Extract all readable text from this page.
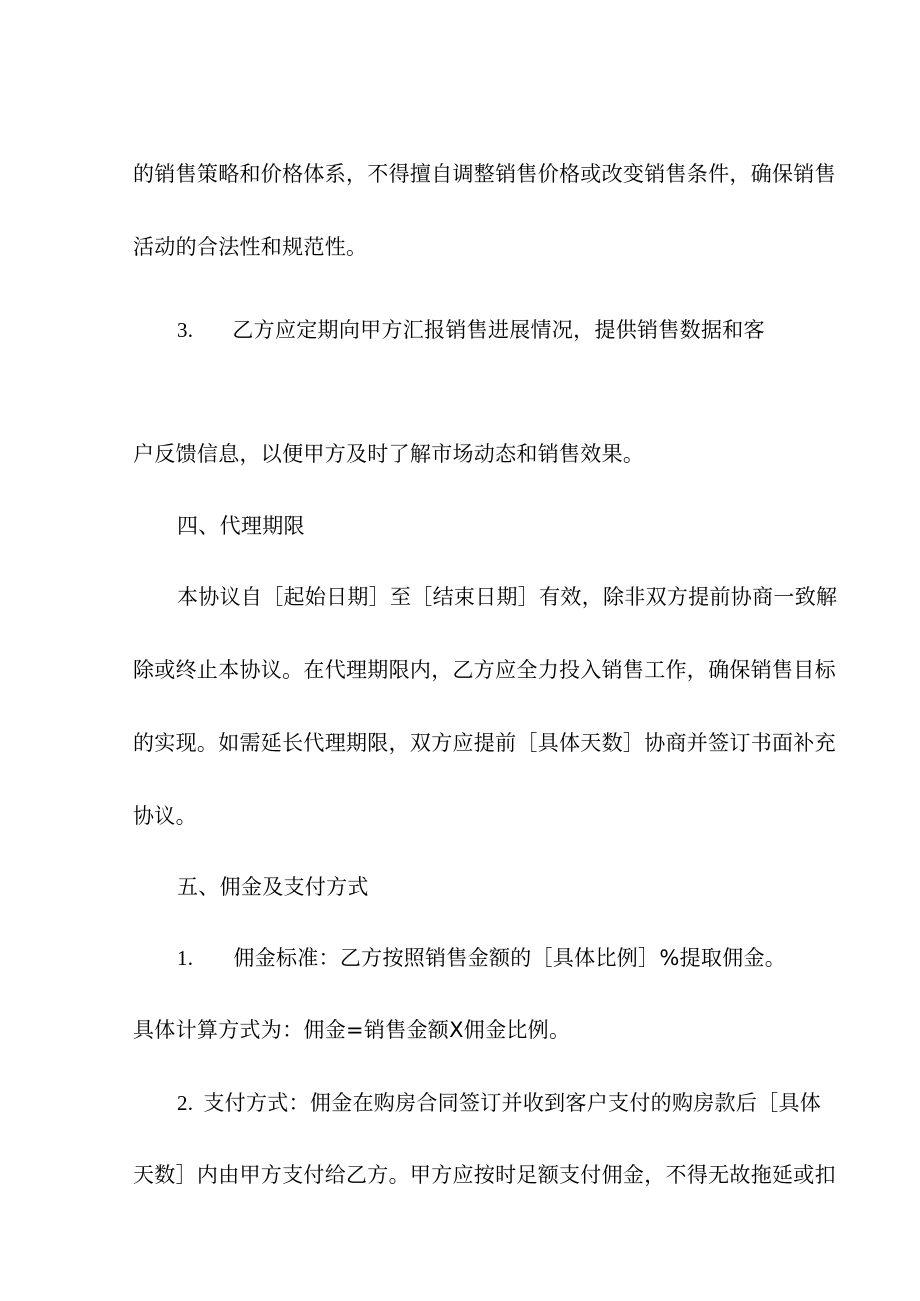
的销售策略和价格体系，不得擅自调整销售价格或改变销售条件，确保销售
活动的合法性和规范性。
3. 乙方应定期向甲方汇报销售进展情况，提供销售数据和客
户反馈信息，以便甲方及时了解市场动态和销售效果。
四、代理期限
本协议自［起始日期］至［结束日期］有效，除非双方提前协商一致解
除或终止本协议。在代理期限内，乙方应全力投入销售工作，确保销售目标
的实现。如需延长代理期限，双方应提前［具体天数］协商并签订书面补充
协议。
五、佣金及支付方式
1. 佣金标准：乙方按照销售金额的［具体比例］%提取佣金。
具体计算方式为：佣金=销售金额X佣金比例。
2. 支付方式：佣金在购房合同签订并收到客户支付的购房款后［具体
天数］内由甲方支付给乙方。甲方应按时足额支付佣金，不得无故拖延或扣
